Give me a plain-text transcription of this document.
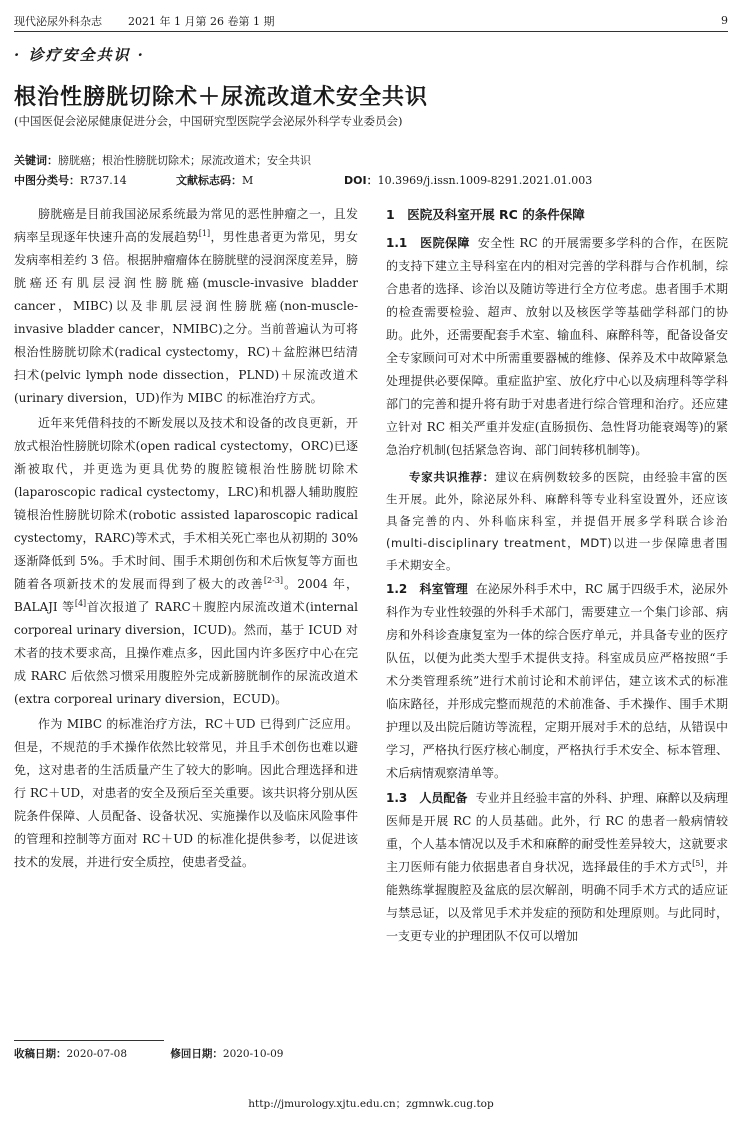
现代泌尿外科杂志 2021 年 1 月第 26 卷第 1 期	9
· 诊疗安全共识 ·
根治性膀胱切除术＋尿流改道术安全共识
(中国医促会泌尿健康促进分会，中国研究型医院学会泌尿外科学专业委员会)
关键词：膀胱癌；根治性膀胱切除术；尿流改道术；安全共识
中图分类号：R737.14	文献标志码：M	DOI：10.3969/j.issn.1009-8291.2021.01.003

膀胱癌是目前我国泌尿系统最为常见的恶性肿瘤之一，且发病率呈现逐年快速升高的发展趋势[1]，男性患者更为常见，男女发病率相差约 3 倍。根据肿瘤瘤体在膀胱壁的浸润深度差异，膀胱癌还有肌层浸润性膀胱癌(muscle-invasive bladder cancer，MIBC)以及非肌层浸润性膀胱癌(non-muscle-invasive bladder cancer，NMIBC)之分。当前普遍认为可将根治性膀胱切除术(radical cystectomy，RC)＋盆腔淋巴结清扫术(pelvic lymph node dissection，PLND)＋尿流改道术(urinary diversion，UD)作为 MIBC 的标准治疗方式。

近年来凭借科技的不断发展以及技术和设备的改良更新，开放式根治性膀胱切除术(open radical cystectomy，ORC)已逐渐被取代，并更选为更具优势的腹腔镜根治性膀胱切除术(laparoscopic radical cystectomy，LRC)和机器人辅助腹腔镜根治性膀胱切除术(robotic assisted laparoscopic radical cystectomy，RARC)等术式，手术相关死亡率也从初期的 30%逐渐降低到 5%。手术时间、围手术期创伤和术后恢复等方面也随着各项新技术的发展而得到了极大的改善[2-3]。2004 年，BALAJI 等[4]首次报道了 RARC＋腹腔内尿流改道术(internal corporeal urinary diversion，ICUD)。然而，基于 ICUD 对术者的技术要求高，且操作难点多，因此国内许多医疗中心在完成 RARC 后依然习惯采用腹腔外完成新膀胱制作的尿流改道术(extra corporeal urinary diversion，ECUD)。

作为 MIBC 的标准治疗方法，RC＋UD 已得到广泛应用。但是，不规范的手术操作依然比较常见，并且手术创伤也难以避免，这对患者的生活质量产生了较大的影响。因此合理选择和进行 RC＋UD，对患者的安全及预后至关重要。该共识将分别从医院条件保障、人员配备、设备状况、实施操作以及临床风险事件的管理和控制等方面对 RC＋UD 的标准化提供参考，以促进该技术的发展，并进行安全质控，使患者受益。

1　医院及科室开展 RC 的条件保障

1.1　医院保障 安全性 RC 的开展需要多学科的合作，在医院的支持下建立主导科室在内的相对完善的学科群与合作机制，综合患者的选择、诊治以及随访等进行全方位考虑。患者围手术期的检查需要检验、超声、放射以及核医学等基础学科部门的协助。此外，还需要配套手术室、输血科、麻醉科等，配备设备安全专家顾问可对术中所需重要器械的维修、保养及术中故障紧急处理提供必要保障。重症监护室、放化疗中心以及病理科等学科部门的完善和提升将有助于对患者进行综合管理和治疗。还应建立针对 RC 相关严重并发症(直肠损伤、急性肾功能衰竭等)的紧急治疗机制(包括紧急咨询、部门间转移机制等)。

专家共识推荐：建议在病例数较多的医院，由经验丰富的医生开展。此外，除泌尿外科、麻醉科等专业科室设置外，还应该具备完善的内、外科临床科室，并提倡开展多学科联合诊治(multi-disciplinary treatment，MDT)以进一步保障患者围手术期安全。

1.2　科室管理 在泌尿外科手术中，RC 属于四级手术，泌尿外科作为专业性较强的外科手术部门，需要建立一个集门诊部、病房和外科诊查康复室为一体的综合医疗单元，并具备专业的医疗队伍，以便为此类大型手术提供支持。科室成员应严格按照“手术分类管理系统”进行术前讨论和术前评估，建立该术式的标准临床路径，并形成完整而规范的术前准备、手术操作、围手术期护理以及出院后随访等流程，定期开展对手术的总结，从错误中学习，严格执行医疗核心制度，严格执行手术安全、标本管理、术后病情观察清单等。

1.3　人员配备 专业并且经验丰富的外科、护理、麻醉以及病理医师是开展 RC 的人员基础。此外，行 RC 的患者一般病情较重，个人基本情况以及手术和麻醉的耐受性差异较大，这就要求主刀医师有能力依据患者自身状况，选择最佳的手术方式[5]，并能熟练掌握腹腔及盆底的层次解剖，明确不同手术方式的适应证与禁忌证，以及常见手术并发症的预防和处理原则。与此同时，一支更专业的护理团队不仅可以增加

收稿日期：2020-07-08	修回日期：2020-10-09
http://jmurology.xjtu.edu.cn；zgmnwk.cug.top
